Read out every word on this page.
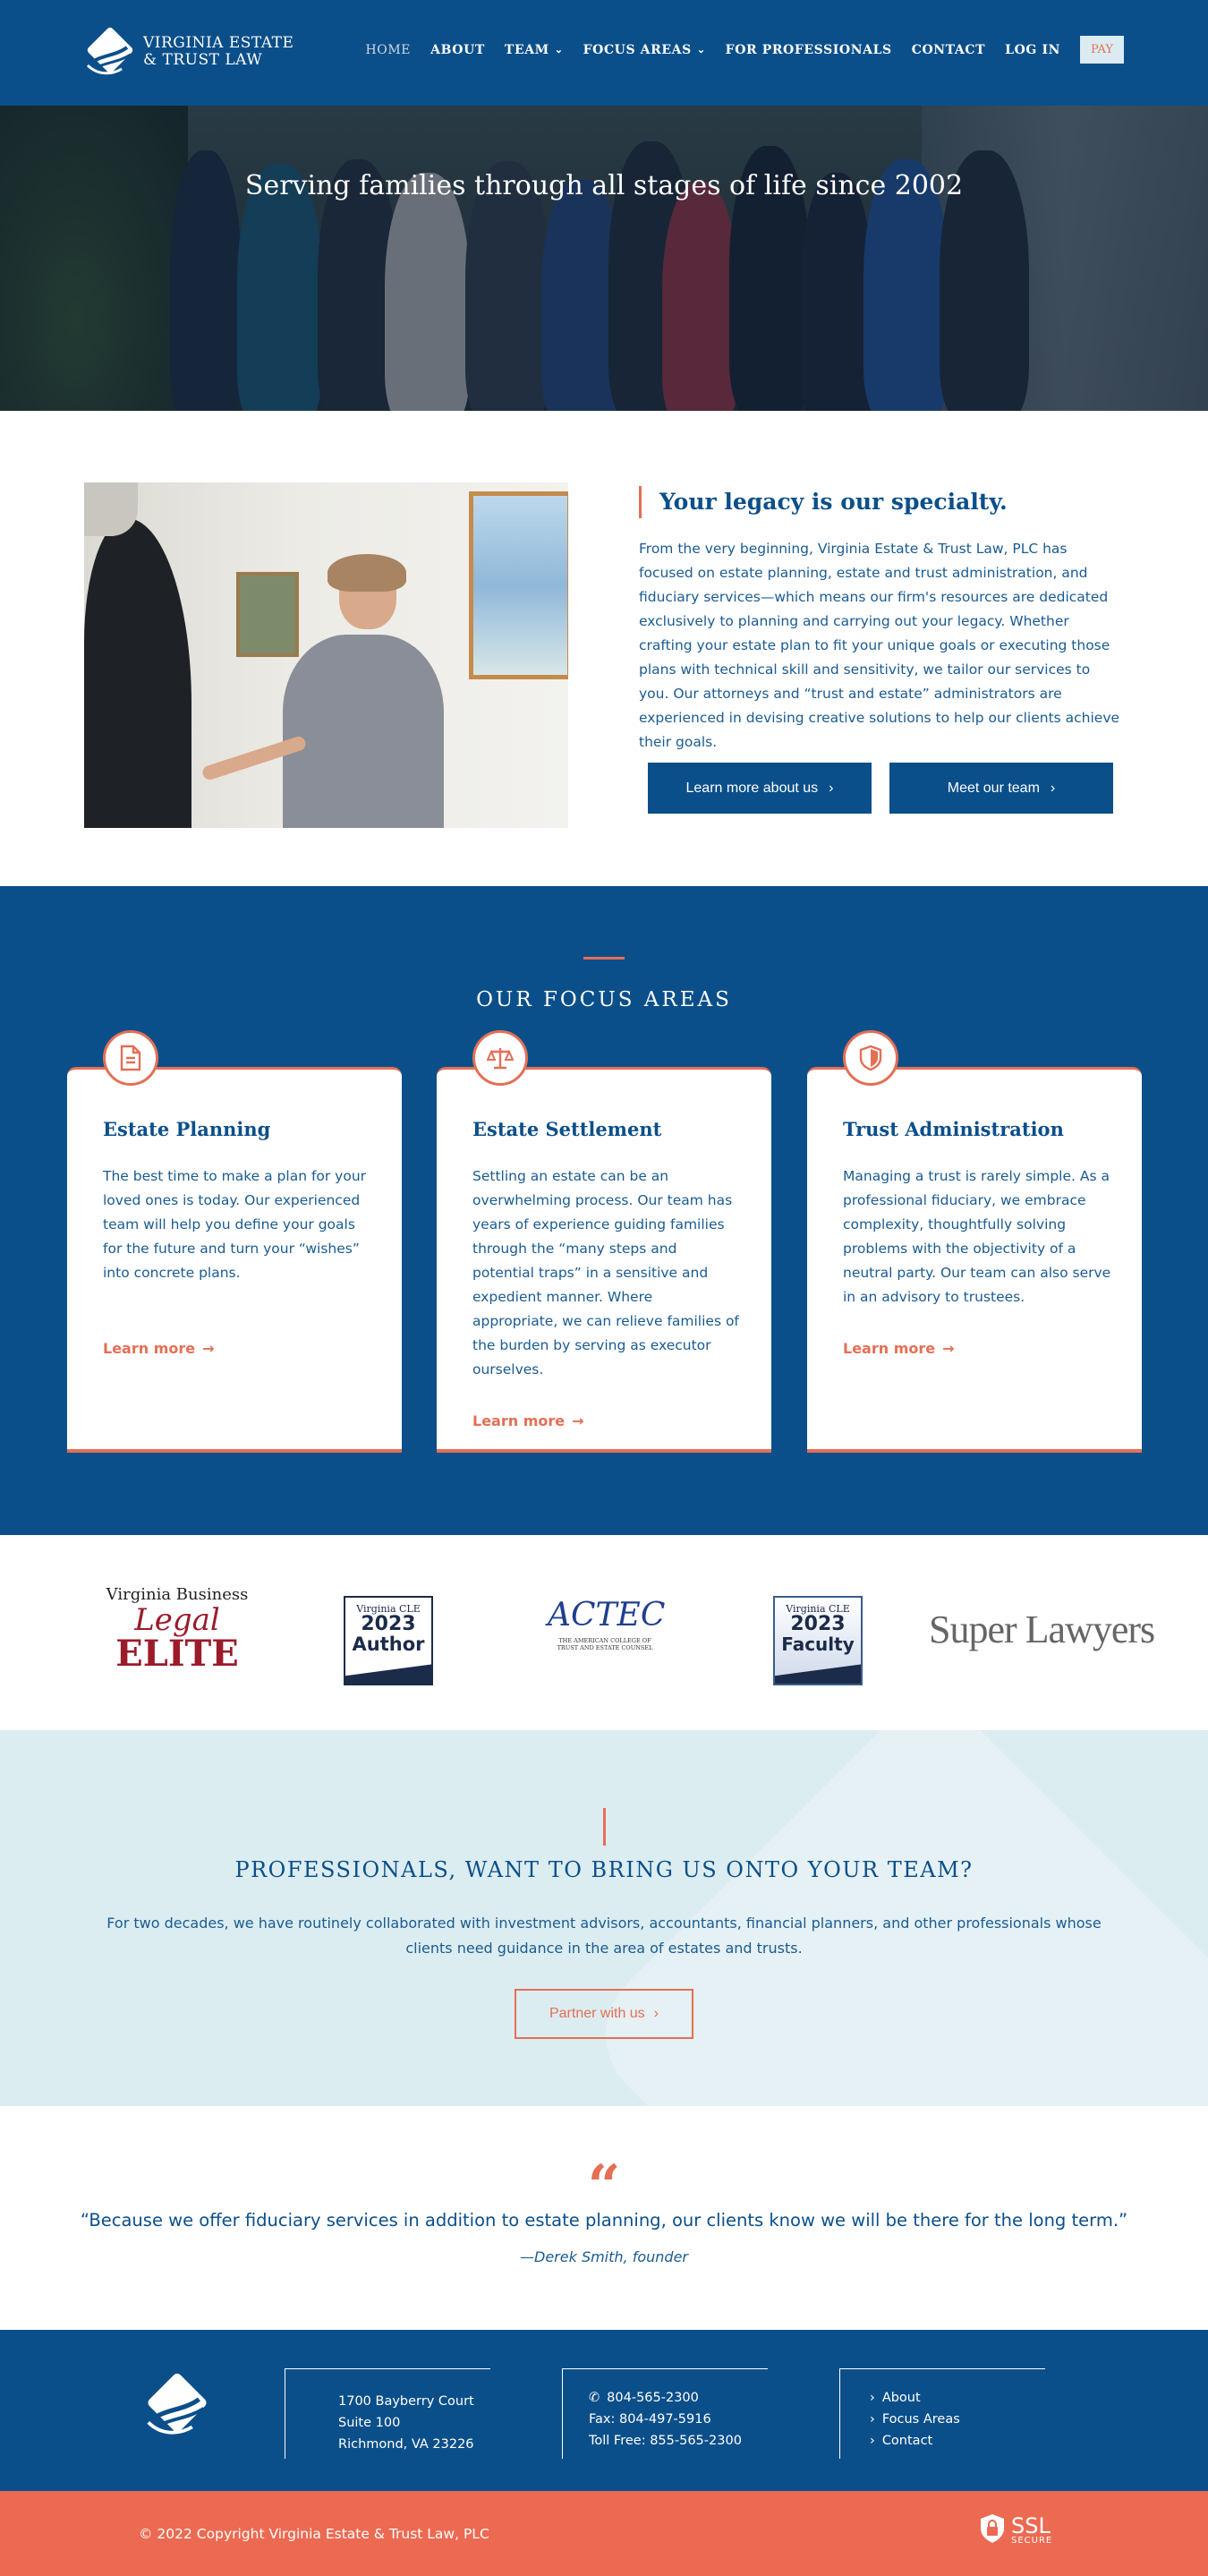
VIRGINIA ESTATE
& TRUST LAW
HOME ABOUT TEAM ⌄ FOCUS AREAS ⌄ FOR PROFESSIONALS CONTACT LOG IN	PAY
Serving families through all stages of life since 2002
Your legacy is our specialty.
From the very beginning, Virginia Estate & Trust Law, PLC has focused on estate planning, estate and trust administration, and fiduciary services—which means our firm's resources are dedicated exclusively to planning and carrying out your legacy. Whether crafting your estate plan to fit your unique goals or executing those plans with technical skill and sensitivity, we tailor our services to you. Our attorneys and “trust and estate” administrators are experienced in devising creative solutions to help our clients achieve their goals.
Learn more about us ›	Meet our team ›
OUR FOCUS AREAS
Estate Planning
The best time to make a plan for your loved ones is today. Our experienced team will help you define your goals for the future and turn your “wishes” into concrete plans.
Learn more →
Estate Settlement
Settling an estate can be an overwhelming process. Our team has years of experience guiding families through the “many steps and potential traps” in a sensitive and expedient manner. Where appropriate, we can relieve families of the burden by serving as executor ourselves.
Learn more →
Trust Administration
Managing a trust is rarely simple. As a professional fiduciary, we embrace complexity, thoughtfully solving problems with the objectivity of a neutral party. Our team can also serve in an advisory to trustees.
Learn more →
Virginia Business
Legal
ELITE
Virginia CLE
2023
Author
ACTEC
THE AMERICAN COLLEGE OF
TRUST AND ESTATE COUNSEL
Virginia CLE
2023
Faculty Super Lawyers
PROFESSIONALS, WANT TO BRING US ONTO YOUR TEAM?
For two decades, we have routinely collaborated with investment advisors, accountants, financial planners, and other professionals whose clients need guidance in the area of estates and trusts.
Partner with us ›
“
“Because we offer fiduciary services in addition to estate planning, our clients know we will be there for the long term.”
—Derek Smith, founder
1700 Bayberry Court
Suite 100
Richmond, VA 23226
✆ 804-565-2300
Fax: 804-497-5916
Toll Free: 855-565-2300
› About
› Focus Areas
› Contact
© 2022 Copyright Virginia Estate & Trust Law, PLC	SSL
SECURE
